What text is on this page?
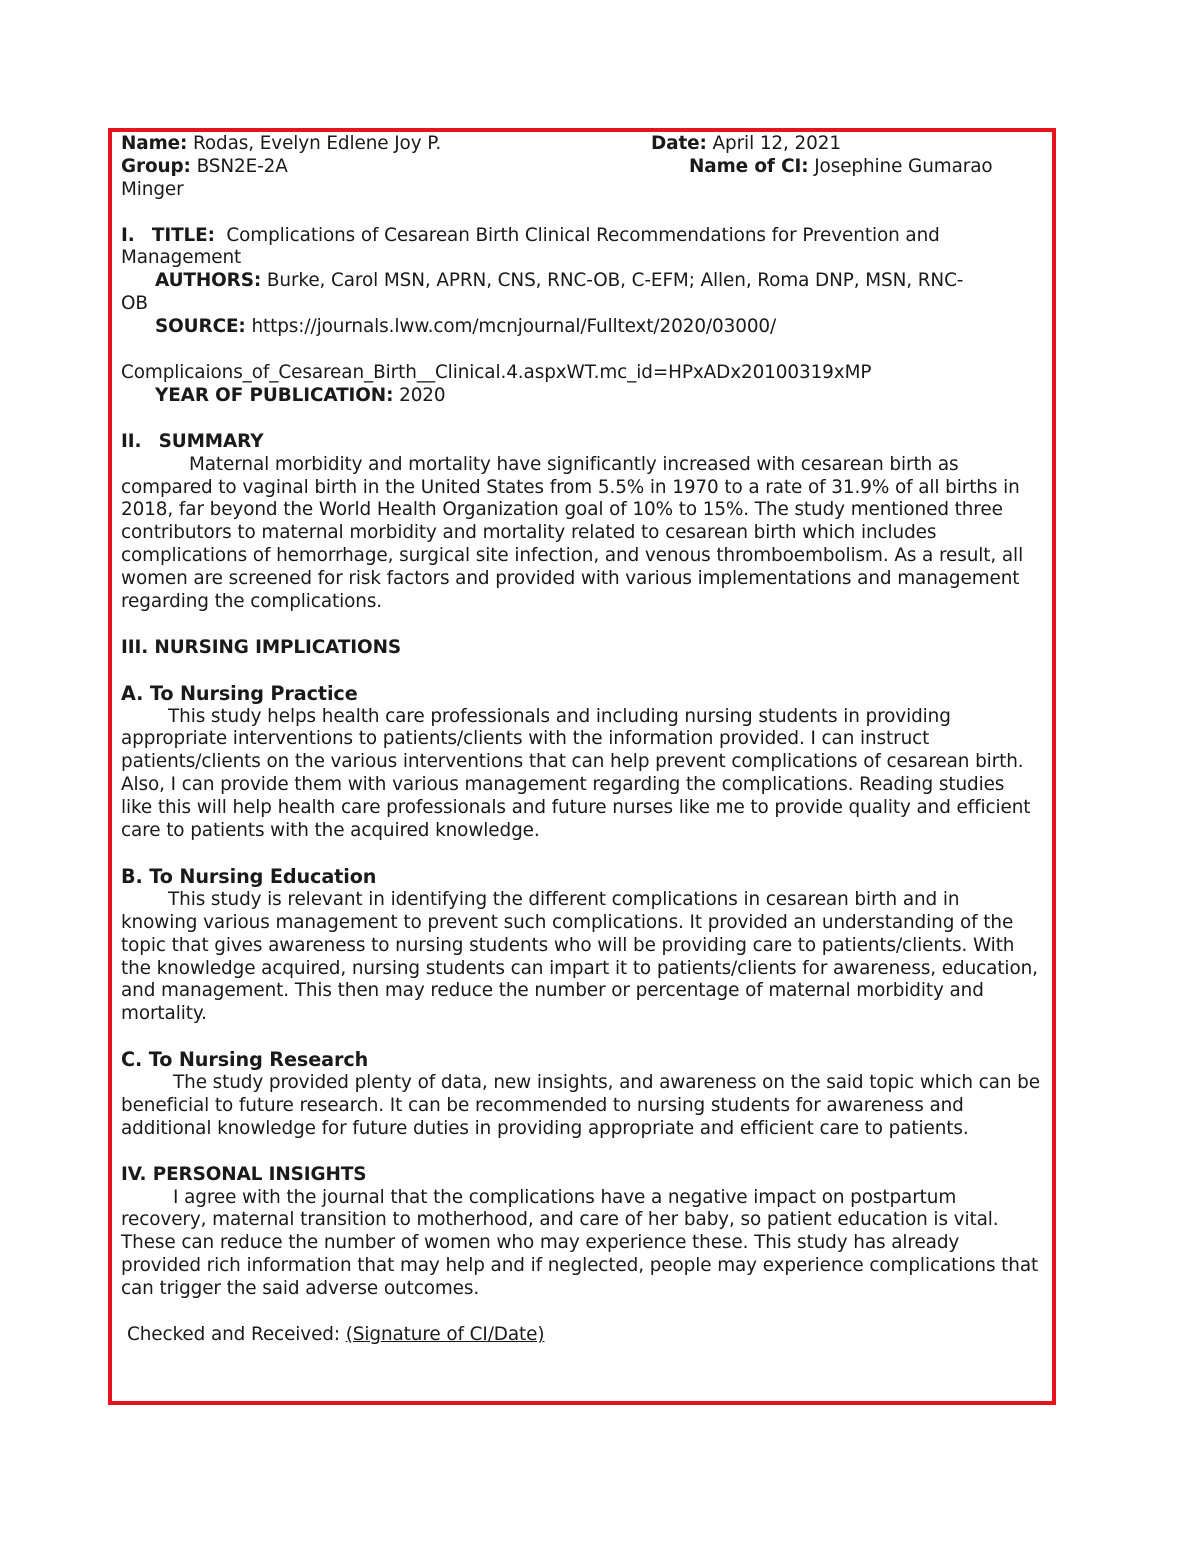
Name: Rodas, Evelyn Edlene Joy P.	Date: April 12, 2021
Group: BSN2E-2A	Name of CI: Josephine Gumarao
Minger
I. TITLE: Complications of Cesarean Birth Clinical Recommendations for Prevention and
Management
AUTHORS: Burke, Carol MSN, APRN, CNS, RNC-OB, C-EFM; Allen, Roma DNP, MSN, RNC-
OB
SOURCE: https://journals.lww.com/mcnjournal/Fulltext/2020/03000/
Complicaions_of_Cesarean_Birth__Clinical.4.aspxWT.mc_id=HPxADx20100319xMP
YEAR OF PUBLICATION: 2020
II. SUMMARY

Maternal morbidity and mortality have significantly increased with cesarean birth as compared to vaginal birth in the United States from 5.5% in 1970 to a rate of 31.9% of all births in 2018, far beyond the World Health Organization goal of 10% to 15%. The study mentioned three contributors to maternal morbidity and mortality related to cesarean birth which includes complications of hemorrhage, surgical site infection, and venous thromboembolism. As a result, all women are screened for risk factors and provided with various implementations and management regarding the complications.

III. NURSING IMPLICATIONS
A. To Nursing Practice

This study helps health care professionals and including nursing students in providing appropriate interventions to patients/clients with the information provided. I can instruct patients/clients on the various interventions that can help prevent complications of cesarean birth. Also, I can provide them with various management regarding the complications. Reading studies like this will help health care professionals and future nurses like me to provide quality and efficient care to patients with the acquired knowledge.

B. To Nursing Education

This study is relevant in identifying the different complications in cesarean birth and in knowing various management to prevent such complications. It provided an understanding of the topic that gives awareness to nursing students who will be providing care to patients/clients. With the knowledge acquired, nursing students can impart it to patients/clients for awareness, education, and management. This then may reduce the number or percentage of maternal morbidity and mortality.

C. To Nursing Research

The study provided plenty of data, new insights, and awareness on the said topic which can be beneficial to future research. It can be recommended to nursing students for awareness and additional knowledge for future duties in providing appropriate and efficient care to patients.

IV. PERSONAL INSIGHTS

I agree with the journal that the complications have a negative impact on postpartum recovery, maternal transition to motherhood, and care of her baby, so patient education is vital. These can reduce the number of women who may experience these. This study has already provided rich information that may help and if neglected, people may experience complications that can trigger the said adverse outcomes.

Checked and Received: (Signature of CI/Date)
